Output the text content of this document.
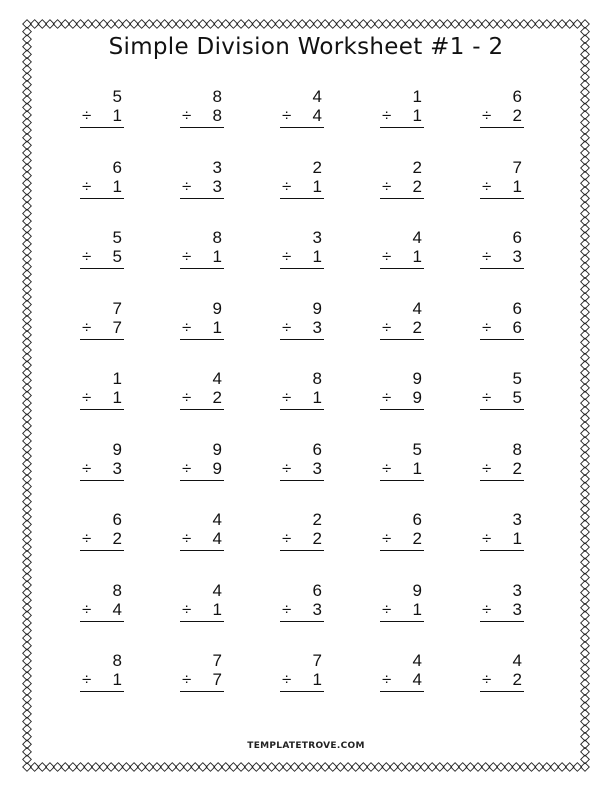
Simple Division Worksheet #1 - 2
5
÷	1
8
÷	8
4
÷	4
1
÷	1
6
÷	2
6
÷	1
3
÷	3
2
÷	1
2
÷	2
7
÷	1
5
÷	5
8
÷	1
3
÷	1
4
÷	1
6
÷	3
7
÷	7
9
÷	1
9
÷	3
4
÷	2
6
÷	6
1
÷	1
4
÷	2
8
÷	1
9
÷	9
5
÷	5
9
÷	3
9
÷	9
6
÷	3
5
÷	1
8
÷	2
6
÷	2
4
÷	4
2
÷	2
6
÷	2
3
÷	1
8
÷	4
4
÷	1
6
÷	3
9
÷	1
3
÷	3
8
÷	1
7
÷	7
7
÷	1
4
÷	4
4
÷	2
TEMPLATETROVE.COM
